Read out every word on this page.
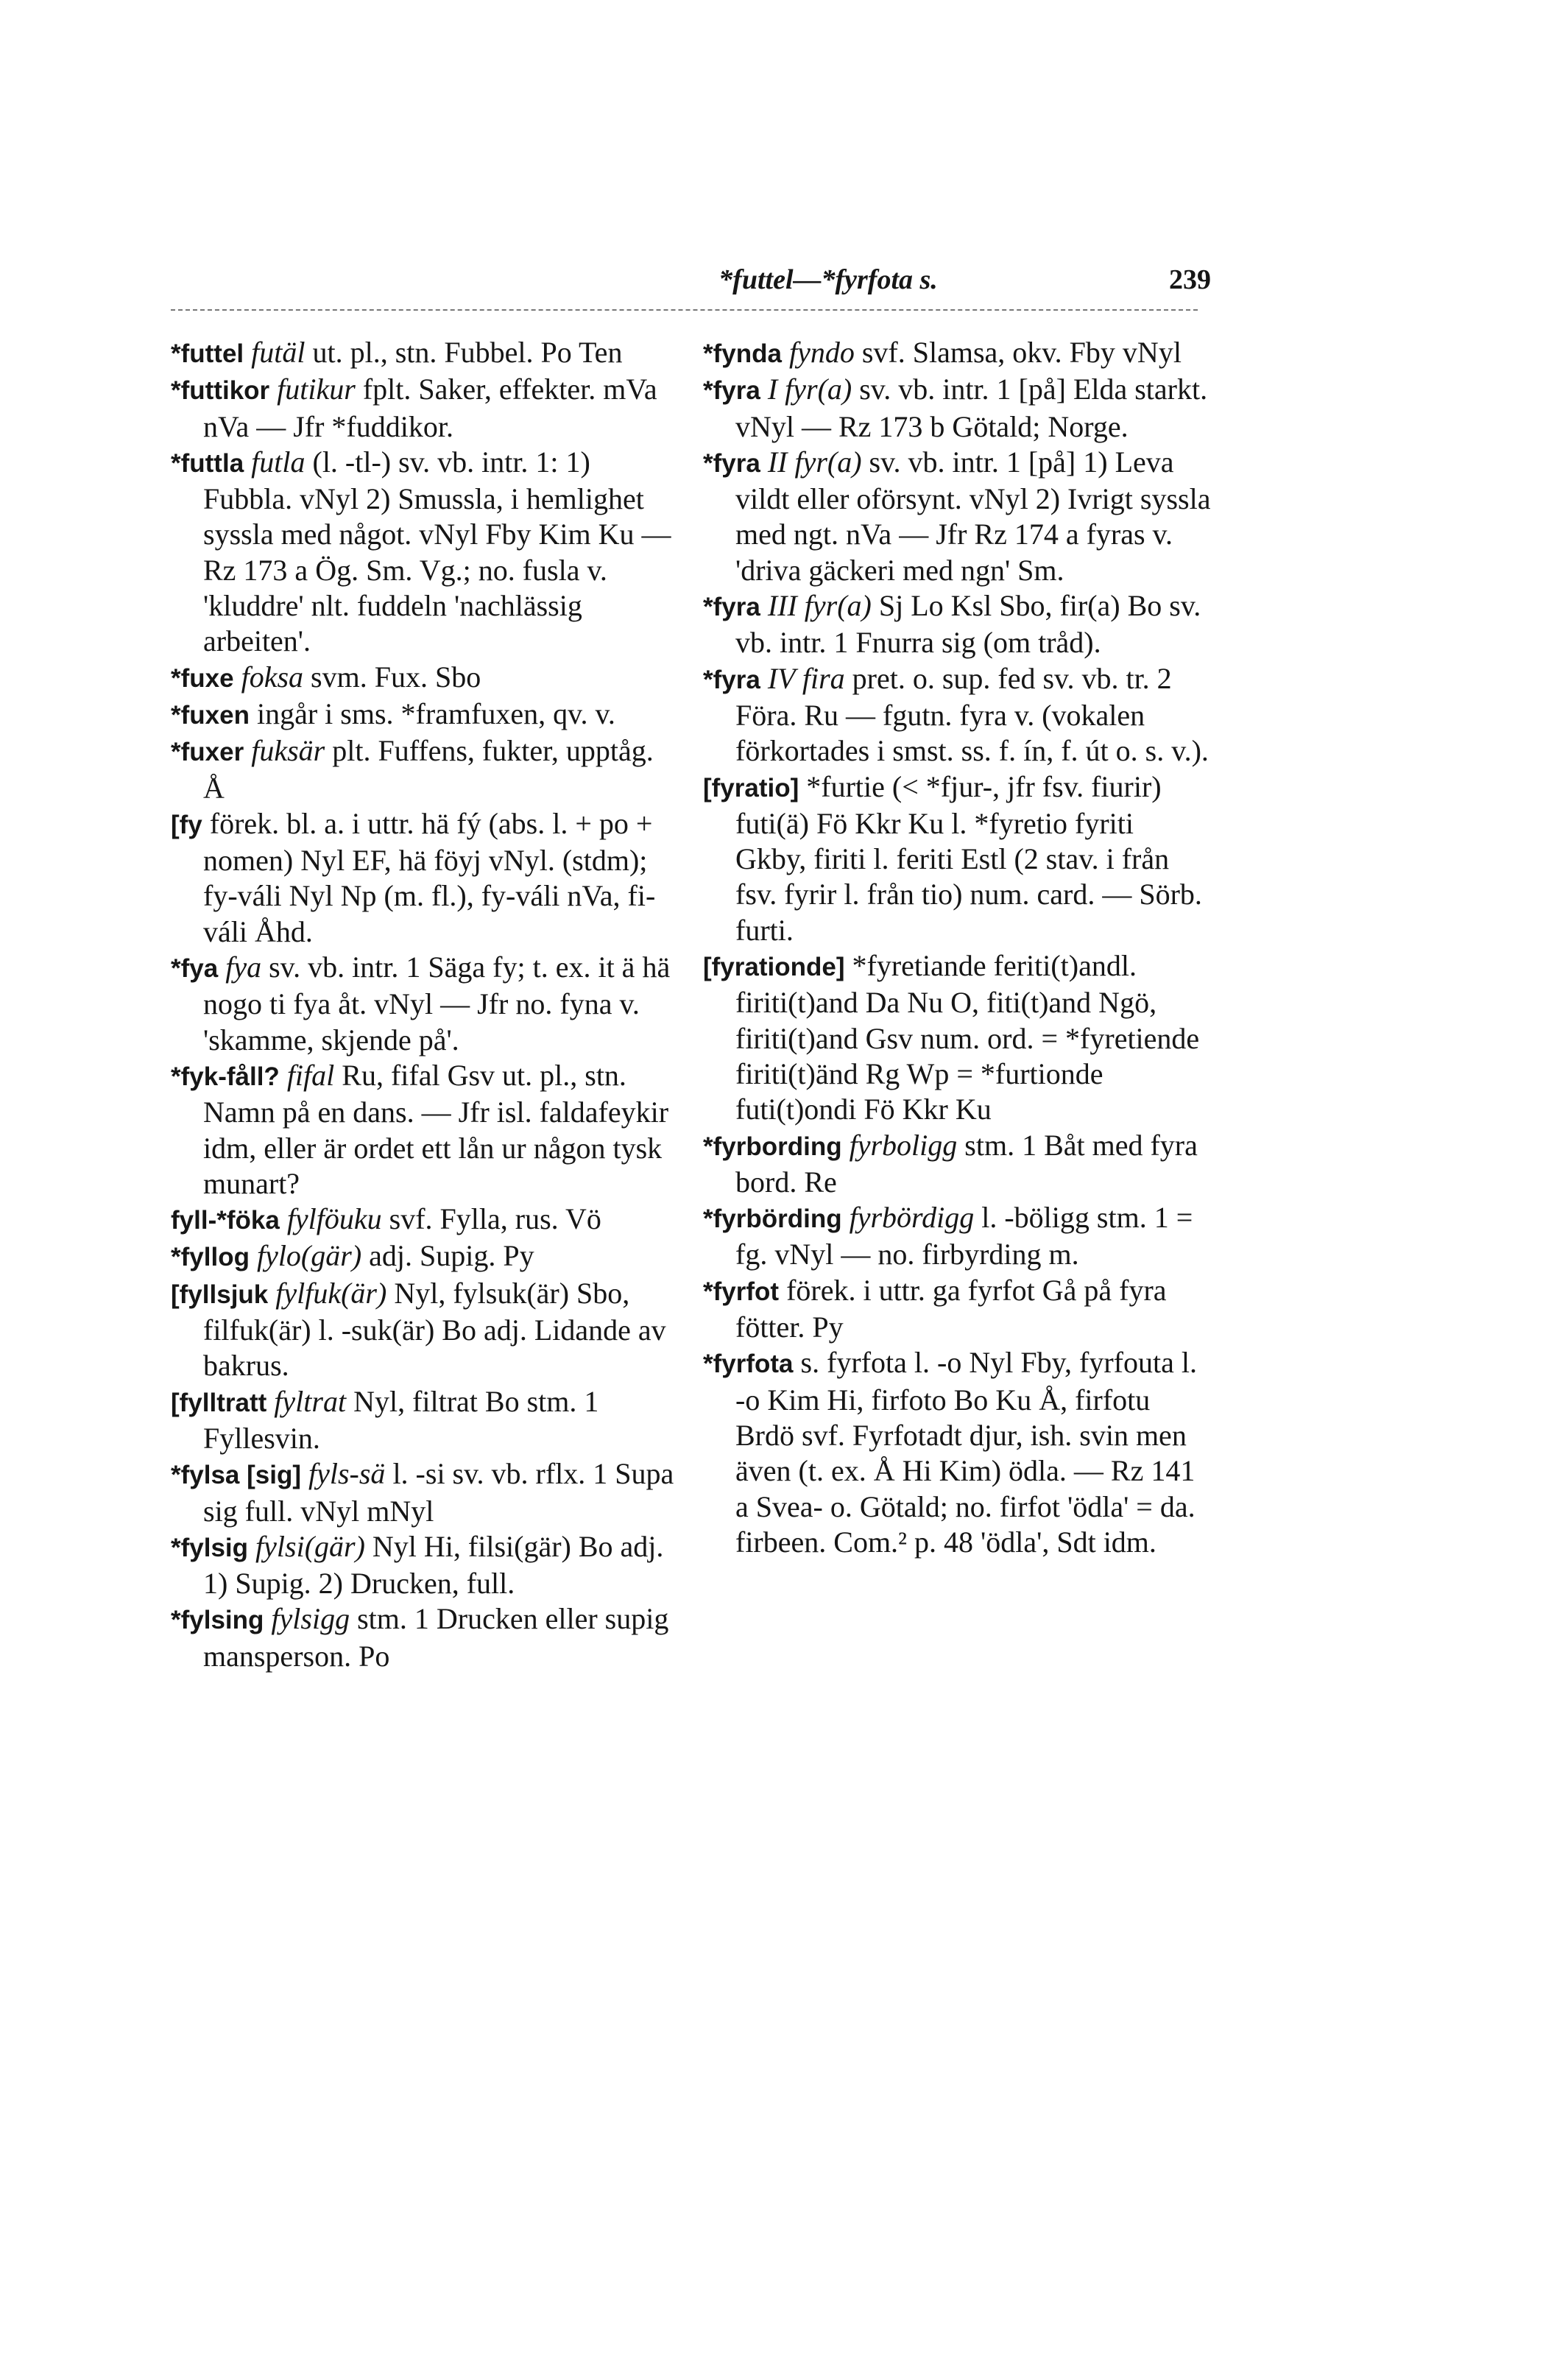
*futtel—*fyrfota s.	239

*futtel futäl ut. pl., stn. Fubbel. Po Ten

*futtikor futikur fplt. Saker, effekter. mVa nVa — Jfr *fuddikor.

*futtla futla (l. -tl-) sv. vb. intr. 1: 1) Fubbla. vNyl 2) Smussla, i hemlighet syssla med något. vNyl Fby Kim Ku — Rz 173 a Ög. Sm. Vg.; no. fusla v. 'kluddre' nlt. fuddeln 'nachlässig arbeiten'.

*fuxe foksa svm. Fux. Sbo

*fuxen ingår i sms. *framfuxen, qv. v.

*fuxer fuksär plt. Fuffens, fukter, upptåg. Å

[fy förek. bl. a. i uttr. hä fý (abs. l. + po + nomen) Nyl EF, hä föyj vNyl. (stdm); fy-váli Nyl Np (m. fl.), fy-váli nVa, fi-váli Åhd.

*fya fya sv. vb. intr. 1 Säga fy; t. ex. it ä hä nogo ti fya åt. vNyl — Jfr no. fyna v. 'skamme, skjende på'.

*fyk-fåll? fifal Ru, fifal Gsv ut. pl., stn. Namn på en dans. — Jfr isl. faldafeykir idm, eller är ordet ett lån ur någon tysk munart?

fyll-*föka fylföuku svf. Fylla, rus. Vö

*fyllog fylo(gär) adj. Supig. Py

[fyllsjuk fylfuk(är) Nyl, fylsuk(är) Sbo, filfuk(är) l. -suk(är) Bo adj. Lidande av bakrus.

[fylltratt fyltrat Nyl, filtrat Bo stm. 1 Fyllesvin.

*fylsa [sig] fyls-sä l. -si sv. vb. rflx. 1 Supa sig full. vNyl mNyl

*fylsig fylsi(gär) Nyl Hi, filsi(gär) Bo adj. 1) Supig. 2) Drucken, full.

*fylsing fylsigg stm. 1 Drucken eller supig mansperson. Po

*fynda fyndo svf. Slamsa, okv. Fby vNyl

*fyra I fyr(a) sv. vb. intr. 1 [på] Elda starkt. vNyl — Rz 173 b Götald; Norge.

*fyra II fyr(a) sv. vb. intr. 1 [på] 1) Leva vildt eller oförsynt. vNyl 2) Ivrigt syssla med ngt. nVa — Jfr Rz 174 a fyras v. 'driva gäckeri med ngn' Sm.

*fyra III fyr(a) Sj Lo Ksl Sbo, fir(a) Bo sv. vb. intr. 1 Fnurra sig (om tråd).

*fyra IV fira pret. o. sup. fed sv. vb. tr. 2 Föra. Ru — fgutn. fyra v. (vokalen förkortades i smst. ss. f. ín, f. út o. s. v.).

[fyratio] *furtie (< *fjur-, jfr fsv. fiurir) futi(ä) Fö Kkr Ku l. *fyretio fyriti Gkby, firiti l. feriti Estl (2 stav. i från fsv. fyrir l. från tio) num. card. — Sörb. furti.

[fyrationdе] *fyretiande feriti(t)andl. firiti(t)and Da Nu O, fiti(t)and Ngö, firiti(t)and Gsv num. ord. = *fyretiende firiti(t)änd Rg Wp = *furtionde futi(t)ondi Fö Kkr Ku

*fyrbording fyrbolіgg stm. 1 Båt med fyra bord. Re

*fyrbörding fyrbördigg l. -böligg stm. 1 = fg. vNyl — no. firbyrding m.

*fyrfot förek. i uttr. ga fyrfot Gå på fyra fötter. Py

*fyrfota s. fyrfota l. -o Nyl Fby, fyrfouta l. -o Kim Hi, firfoto Bo Ku Å, firfotu Brdö svf. Fyrfotadt djur, ish. svin men även (t. ex. Å Hi Kim) ödla. — Rz 141 a Svea- o. Götald; no. firfot 'ödla' = da. firbeen. Com.² p. 48 'ödla', Sdt idm.
